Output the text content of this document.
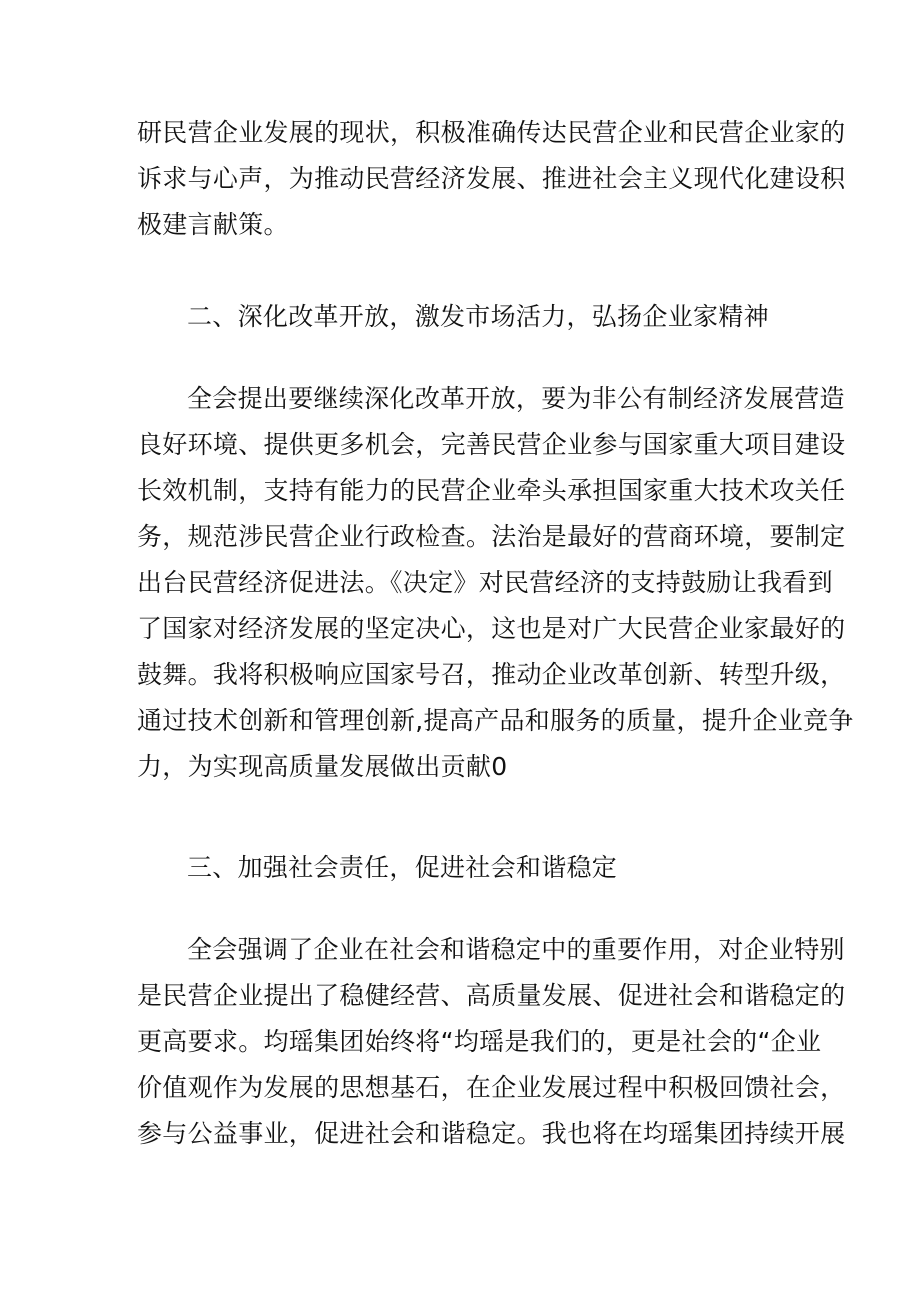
研民营企业发展的现状，积极准确传达民营企业和民营企业家的
诉求与心声，为推动民营经济发展、推进社会主义现代化建设积
极建言献策。
二、深化改革开放，激发市场活力，弘扬企业家精神
全会提出要继续深化改革开放，要为非公有制经济发展营造
良好环境、提供更多机会，完善民营企业参与国家重大项目建设
长效机制，支持有能力的民营企业牵头承担国家重大技术攻关任
务，规范涉民营企业行政检查。法治是最好的营商环境，要制定
出台民营经济促进法。《决定》对民营经济的支持鼓励让我看到
了国家对经济发展的坚定决心，这也是对广大民营企业家最好的
鼓舞。我将积极响应国家号召，推动企业改革创新、转型升级，
通过技术创新和管理创新,提高产品和服务的质量，提升企业竞争
力，为实现高质量发展做出贡献0
三、加强社会责任，促进社会和谐稳定
全会强调了企业在社会和谐稳定中的重要作用，对企业特别
是民营企业提出了稳健经营、高质量发展、促进社会和谐稳定的
更高要求。均瑶集团始终将“均瑶是我们的，更是社会的“企业
价值观作为发展的思想基石，在企业发展过程中积极回馈社会，
参与公益事业，促进社会和谐稳定。我也将在均瑶集团持续开展
